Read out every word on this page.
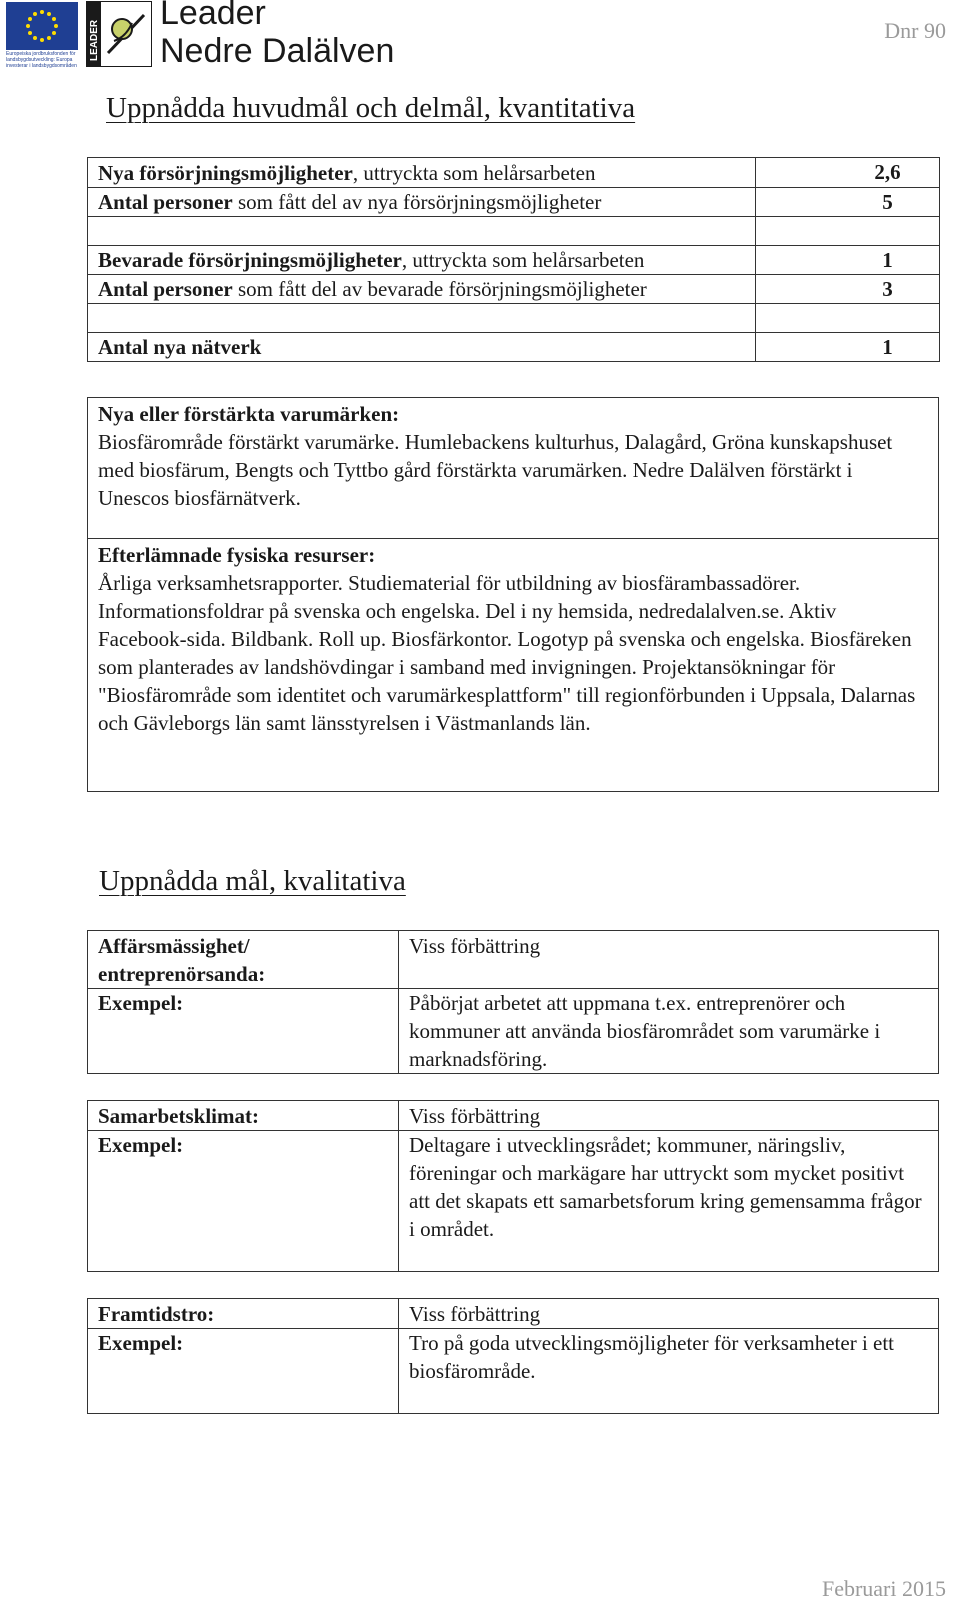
Europeiska jordbruksfonden för landsbygdsutveckling: Europa investerar i landsbygdsområden
LEADER
Leader
Nedre Dalälven
Dnr 90
Uppnådda huvudmål och delmål, kvantitativa
Nya försörjningsmöjligheter, uttryckta som helårsarbeten	2,6
Antal personer som fått del av nya försörjningsmöjligheter	5

Bevarade försörjningsmöjligheter, uttryckta som helårsarbeten	1
Antal personer som fått del av bevarade försörjningsmöjligheter	3

Antal nya nätverk	1
Nya eller förstärkta varumärken:
Biosfärområde förstärkt varumärke. Humlebackens kulturhus, Dalagård, Gröna kunskapshuset med biosfärum, Bengts och Tyttbo gård förstärkta varumärken. Nedre Dalälven förstärkt i Unescos biosfärnätverk.

Efterlämnade fysiska resurser:
Årliga verksamhetsrapporter. Studiematerial för utbildning av biosfärambassadörer. Informationsfoldrar på svenska och engelska. Del i ny hemsida, nedredalalven.se. Aktiv Facebook-sida. Bildbank. Roll up. Biosfärkontor. Logotyp på svenska och engelska. Biosfäreken som planterades av landshövdingar i samband med invigningen. Projektansökningar för "Biosfärområde som identitet och varumärkesplattform" till regionförbunden i Uppsala, Dalarnas och Gävleborgs län samt länsstyrelsen i Västmanlands län.
Uppnådda mål, kvalitativa
Affärsmässighet/ entreprenörsanda:	Viss förbättring
Exempel:	Påbörjat arbetet att uppmana t.ex. entreprenörer och kommuner att använda biosfärområdet som varumärke i marknadsföring.
Samarbetsklimat:	Viss förbättring
Exempel:	Deltagare i utvecklingsrådet; kommuner, näringsliv, föreningar och markägare har uttryckt som mycket positivt att det skapats ett samarbetsforum kring gemensamma frågor i området.
Framtidstro:	Viss förbättring
Exempel:	Tro på goda utvecklingsmöjligheter för verksamheter i ett biosfärområde.
Februari 2015
